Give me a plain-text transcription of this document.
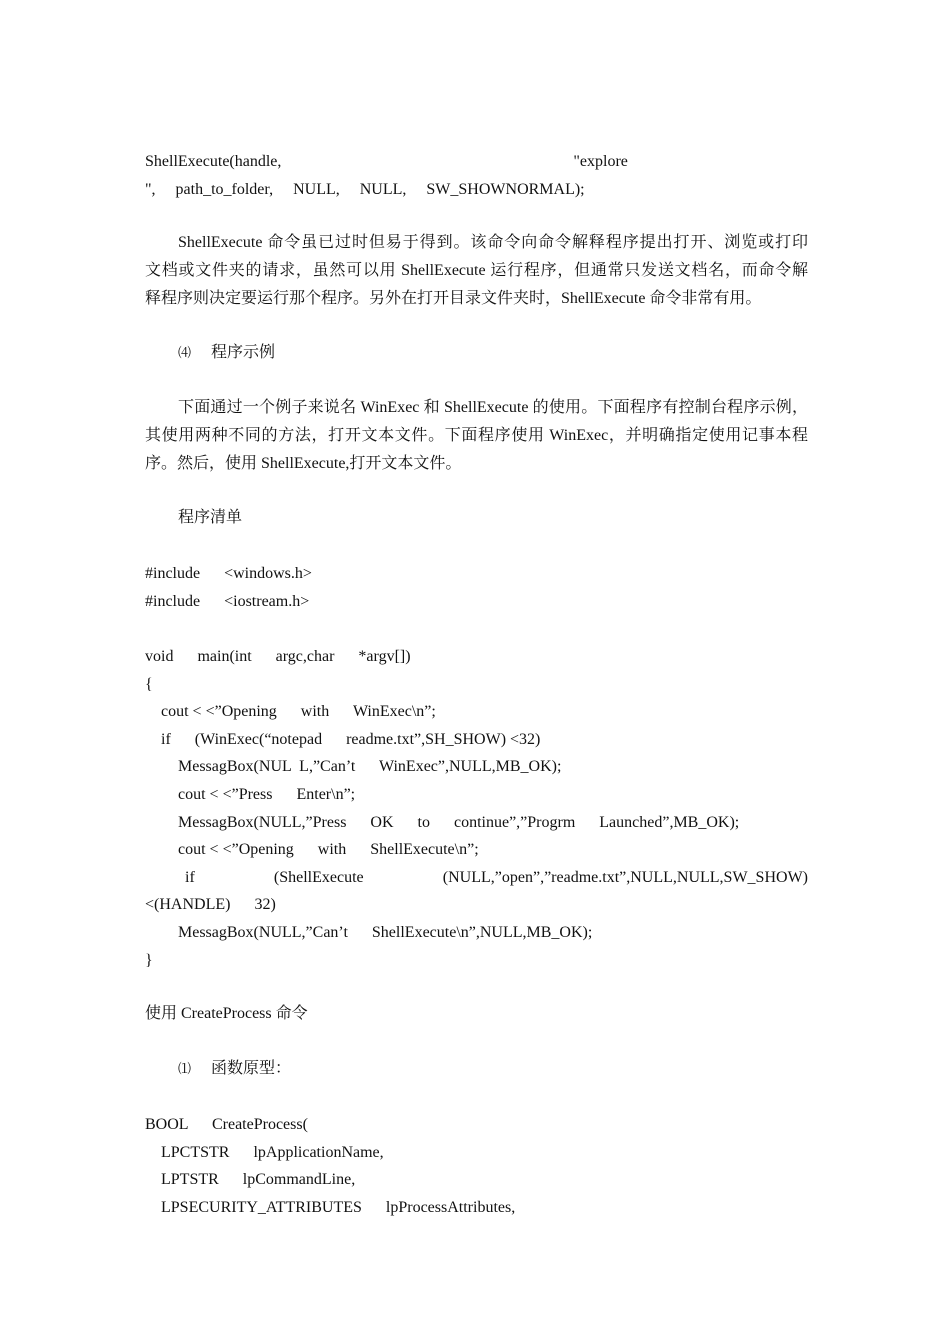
ShellExecute(handle,                                                                         "explore
",     path_to_folder,     NULL,     NULL,     SW_SHOWNORMAL);
ShellExecute 命令虽已过时但易于得到。该命令向命令解释程序提出打开、浏览或打印
文档或文件夹的请求，虽然可以用 ShellExecute 运行程序，但通常只发送文档名，而命令解
释程序则决定要运行那个程序。另外在打开目录文件夹时，ShellExecute 命令非常有用。
⑷	程序示例
下面通过一个例子来说名 WinExec 和 ShellExecute 的使用。下面程序有控制台程序示例，
其使用两种不同的方法，打开文本文件。下面程序使用 WinExec，并明确指定使用记事本程
序。然后，使用 ShellExecute,打开文本文件。
程序清单
#include      <windows.h>
#include      <iostream.h>
void      main(int      argc,char      *argv[])
{
cout < <”Opening      with      WinExec\n”;
if      (WinExec(“notepad      readme.txt”,SH_SHOW) <32)
MessagBox(NUL  L,”Can’t      WinExec”,NULL,MB_OK);
cout < <”Press      Enter\n”;
MessagBox(NULL,”Press      OK      to      continue”,”Progrm      Launched”,MB_OK);
cout < <”Opening      with      ShellExecute\n”;
if (ShellExecute (NULL,”open”,”readme.txt”,NULL,NULL,SW_SHOW)
<(HANDLE)      32)
MessagBox(NULL,”Can’t      ShellExecute\n”,NULL,MB_OK);
}
使用 CreateProcess 命令
⑴	函数原型：
BOOL      CreateProcess(
LPCTSTR      lpApplicationName,
LPTSTR      lpCommandLine,
LPSECURITY_ATTRIBUTES      lpProcessAttributes,
